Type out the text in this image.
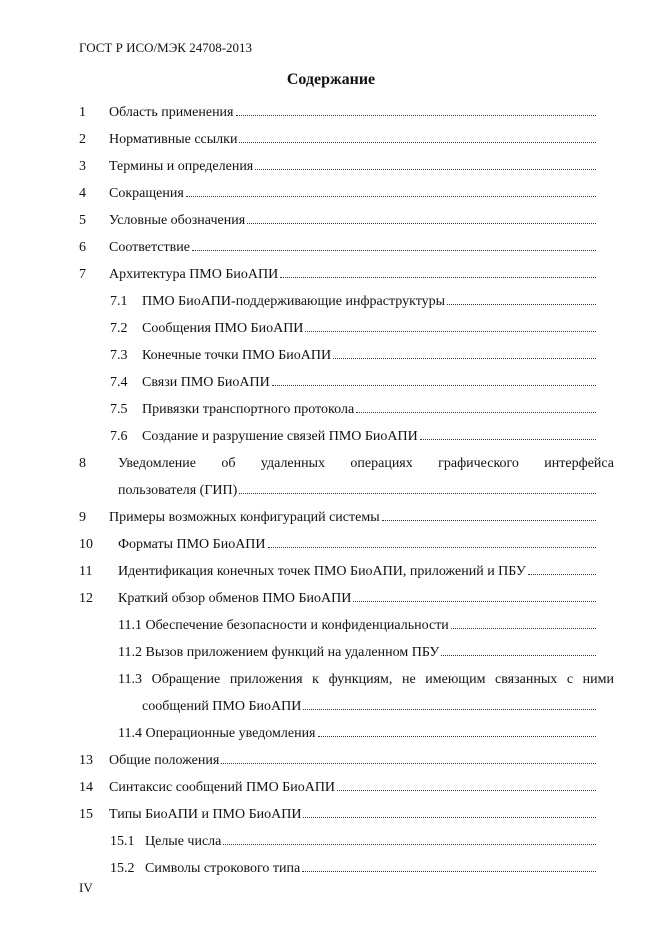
ГОСТ Р ИСО/МЭК 24708-2013
Содержание
1 Область применения
2 Нормативные ссылки
3 Термины и определения
4 Сокращения
5 Условные обозначения
6 Соответствие
7 Архитектура ПМО БиоАПИ
7.1 ПМО БиоАПИ-поддерживающие инфраструктуры
7.2 Сообщения ПМО БиоАПИ
7.3 Конечные точки ПМО БиоАПИ
7.4 Связи ПМО БиоАПИ
7.5 Привязки транспортного протокола
7.6 Создание и разрушение связей ПМО БиоАПИ
8 Уведомление об удаленных операциях графического интерфейса
пользователя (ГИП)
9 Примеры возможных конфигураций системы
10 Форматы ПМО БиоАПИ
11 Идентификация конечных точек ПМО БиоАПИ, приложений и ПБУ
12 Краткий обзор обменов ПМО БиоАПИ
11.1 Обеспечение безопасности и конфиденциальности
11.2 Вызов приложением функций на удаленном ПБУ
11.3 Обращение приложения к функциям, не имеющим связанных с ними
сообщений ПМО БиоАПИ
11.4 Операционные уведомления
13 Общие положения
14 Синтаксис сообщений ПМО БиоАПИ
15 Типы БиоАПИ и ПМО БиоАПИ
15.1 Целые числа
15.2 Символы строкового типа
IV
